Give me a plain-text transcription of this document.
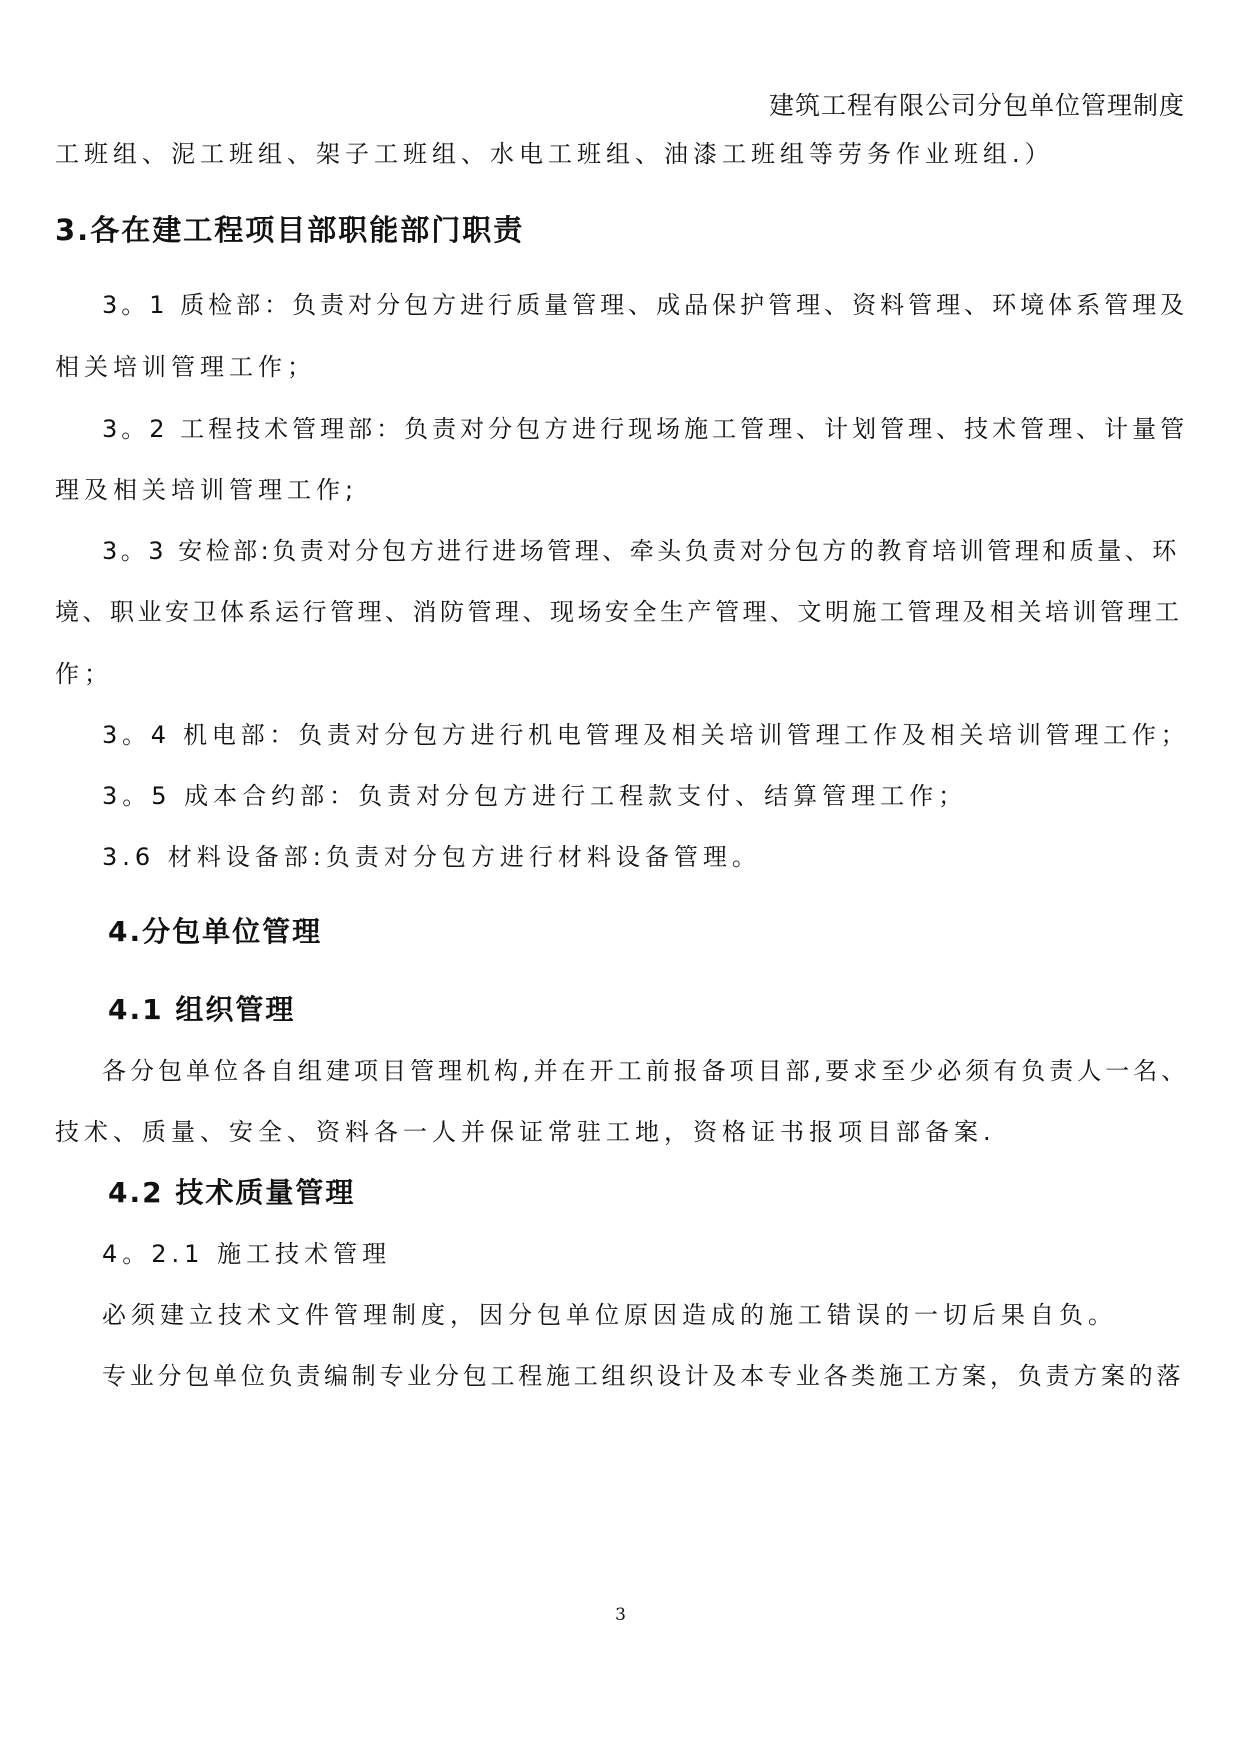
建筑工程有限公司分包单位管理制度
工班组、泥工班组、架子工班组、水电工班组、油漆工班组等劳务作业班组.）
3.各在建工程项目部职能部门职责
3。1 质检部：负责对分包方进行质量管理、成品保护管理、资料管理、环境体系管理及
相关培训管理工作；
3。2 工程技术管理部：负责对分包方进行现场施工管理、计划管理、技术管理、计量管
理及相关培训管理工作;
3。3 安检部:负责对分包方进行进场管理、牵头负责对分包方的教育培训管理和质量、环
境、职业安卫体系运行管理、消防管理、现场安全生产管理、文明施工管理及相关培训管理工
作；
3。4 机电部：负责对分包方进行机电管理及相关培训管理工作及相关培训管理工作；
3。5 成本合约部：负责对分包方进行工程款支付、结算管理工作；
3.6 材料设备部:负责对分包方进行材料设备管理。
4.分包单位管理
4.1 组织管理
各分包单位各自组建项目管理机构,并在开工前报备项目部,要求至少必须有负责人一名、
技术、质量、安全、资料各一人并保证常驻工地，资格证书报项目部备案.
4.2 技术质量管理
4。2.1 施工技术管理
必须建立技术文件管理制度，因分包单位原因造成的施工错误的一切后果自负。
专业分包单位负责编制专业分包工程施工组织设计及本专业各类施工方案，负责方案的落
3
